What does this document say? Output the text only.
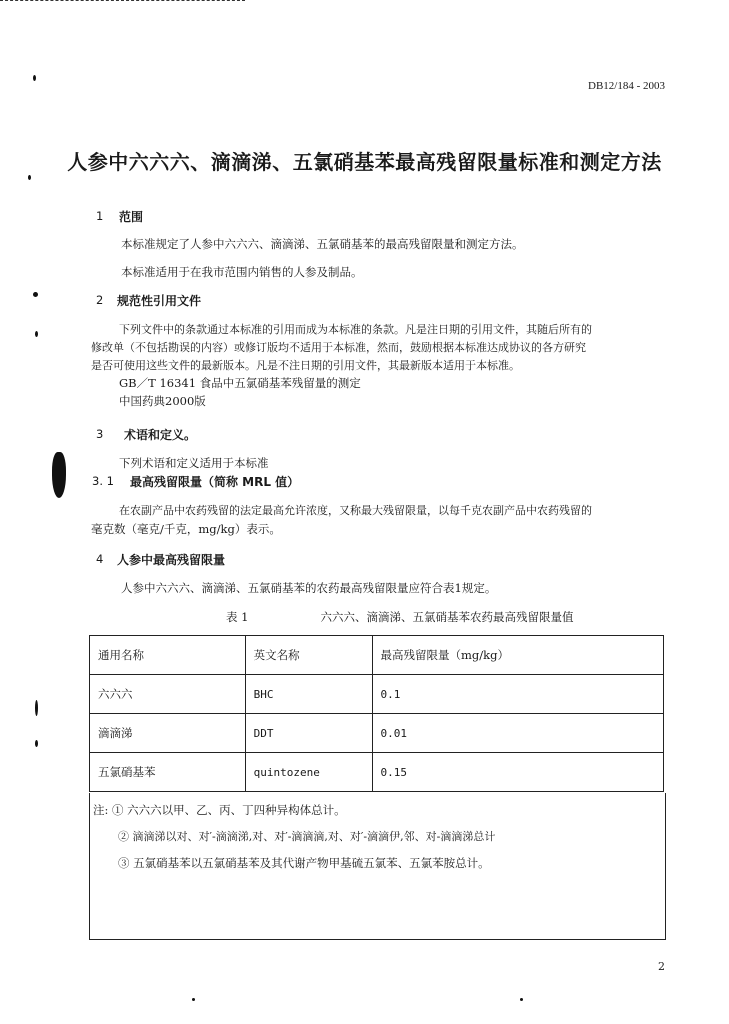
DB12/184 - 2003
人参中六六六、滴滴涕、五氯硝基苯最高残留限量标准和测定方法
1 范围
本标准规定了人参中六六六、滴滴涕、五氯硝基苯的最高残留限量和测定方法。
本标准适用于在我市范围内销售的人参及制品。
2 规范性引用文件
下列文件中的条款通过本标准的引用而成为本标准的条款。凡是注日期的引用文件，其随后所有的
修改单（不包括勘误的内容）或修订版均不适用于本标准，然而，鼓励根据本标准达成协议的各方研究
是否可使用这些文件的最新版本。凡是不注日期的引用文件，其最新版本适用于本标准。
GB／T 16341 食品中五氯硝基苯残留量的测定
中国药典2000版
3 术语和定义。
下列术语和定义适用于本标准
3. 1 最高残留限量（简称 MRL 值）
在农副产品中农药残留的法定最高允许浓度，又称最大残留限量，以每千克农副产品中农药残留的
毫克数（毫克/千克，mg/kg）表示。
4 人参中最高残留限量
人参中六六六、滴滴涕、五氯硝基苯的农药最高残留限量应符合表1规定。
表 1	六六六、滴滴涕、五氯硝基苯农药最高残留限量值
通用名称	英文名称	最高残留限量（mg/kg）
六六六	BHC	0.1
滴滴涕	DDT	0.01
五氯硝基苯	quintozene	0.15
注: ① 六六六以甲、乙、丙、丁四种异构体总计。
② 滴滴涕以对、对′-滴滴涕,对、对′-滴滴滴,对、对′-滴滴伊,邻、对-滴滴涕总计
③ 五氯硝基苯以五氯硝基苯及其代谢产物甲基硫五氯苯、五氯苯胺总计。
2
